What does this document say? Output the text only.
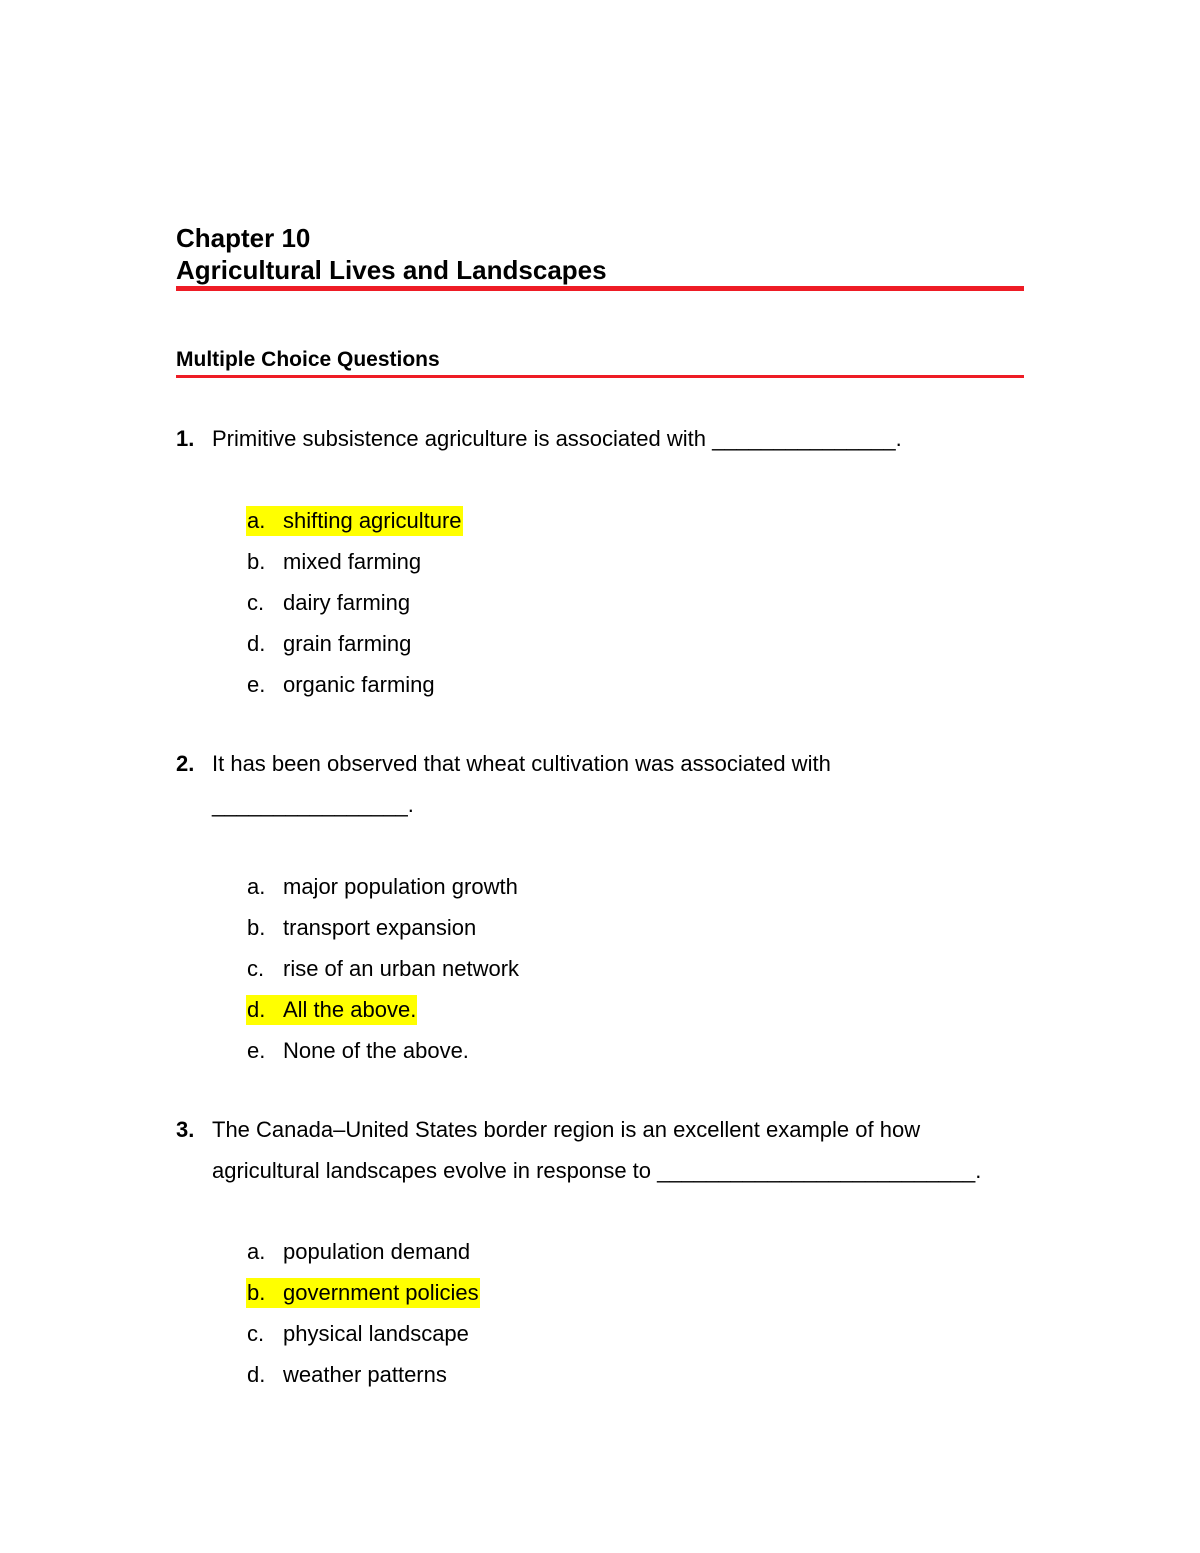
Chapter 10

Agricultural Lives and Landscapes

Multiple Choice Questions

1. Primitive subsistence agriculture is associated with _______________.
a. shifting agriculture
b. mixed farming
c. dairy farming
d. grain farming
e. organic farming
2. It has been observed that wheat cultivation was associated with ________________.
a. major population growth
b. transport expansion
c. rise of an urban network
d. All the above.
e. None of the above.
3. The Canada–United States border region is an excellent example of how agricultural landscapes evolve in response to __________________________.
a. population demand
b. government policies
c. physical landscape
d. weather patterns
